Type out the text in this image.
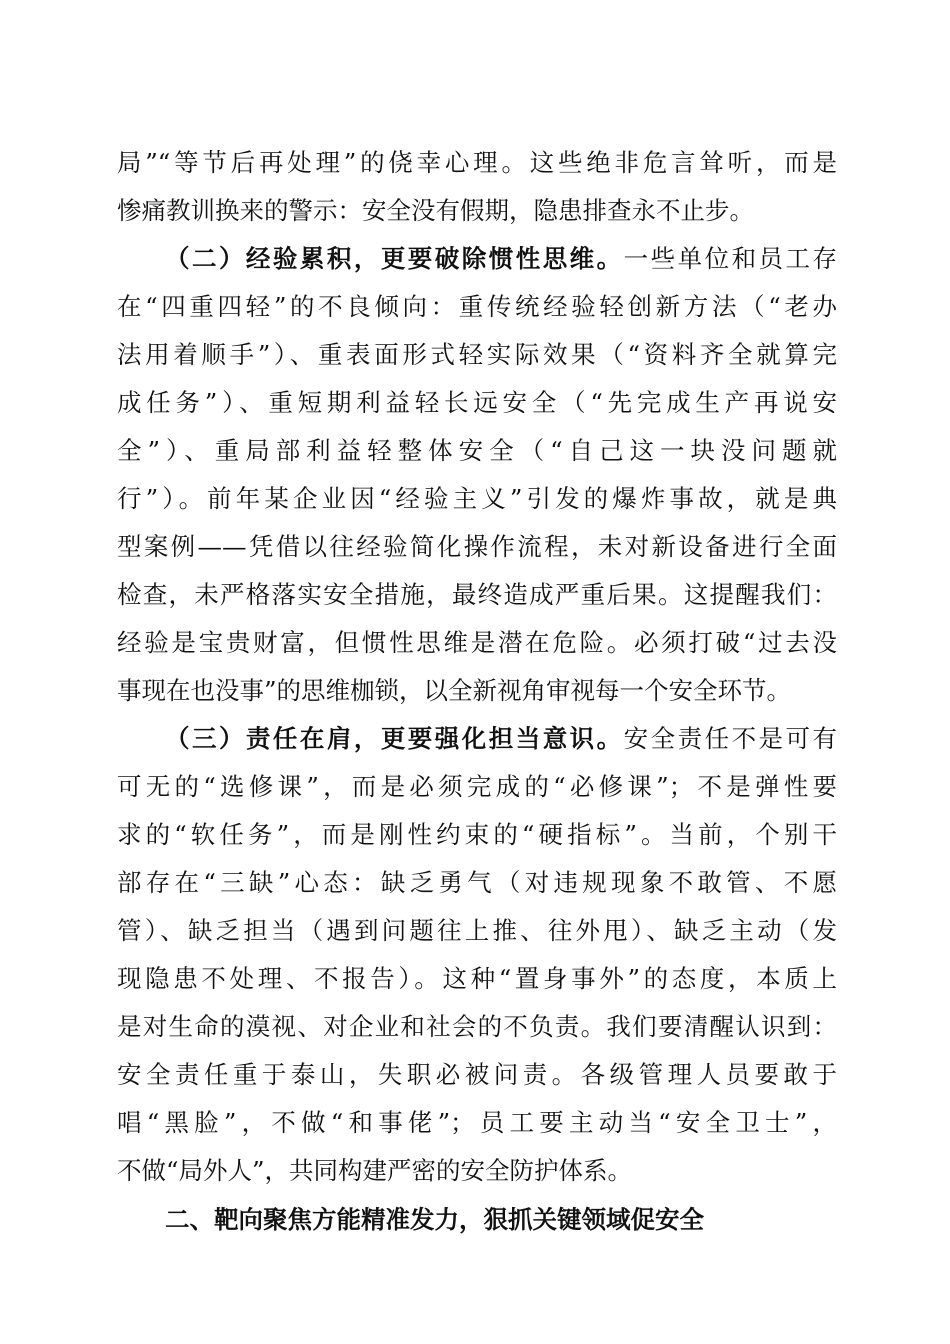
局”“等节后再处理”的侥幸心理。这些绝非危言耸听，而是
惨痛教训换来的警示：安全没有假期，隐患排查永不止步。
（二）经验累积，更要破除惯性思维。一些单位和员工存
在“四重四轻”的不良倾向：重传统经验轻创新方法（“老办
法用着顺手”）、重表面形式轻实际效果（“资料齐全就算完
成任务”）、重短期利益轻长远安全（“先完成生产再说安
全”）、重局部利益轻整体安全（“自己这一块没问题就
行”）。前年某企业因“经验主义”引发的爆炸事故，就是典
型案例——凭借以往经验简化操作流程，未对新设备进行全面
检查，未严格落实安全措施，最终造成严重后果。这提醒我们：
经验是宝贵财富，但惯性思维是潜在危险。必须打破“过去没
事现在也没事”的思维枷锁，以全新视角审视每一个安全环节。
（三）责任在肩，更要强化担当意识。安全责任不是可有
可无的“选修课”，而是必须完成的“必修课”；不是弹性要
求的“软任务”，而是刚性约束的“硬指标”。当前，个别干
部存在“三缺”心态：缺乏勇气（对违规现象不敢管、不愿
管）、缺乏担当（遇到问题往上推、往外甩）、缺乏主动（发
现隐患不处理、不报告）。这种“置身事外”的态度，本质上
是对生命的漠视、对企业和社会的不负责。我们要清醒认识到：
安全责任重于泰山，失职必被问责。各级管理人员要敢于
唱“黑脸”，不做“和事佬”；员工要主动当“安全卫士”，
不做“局外人”，共同构建严密的安全防护体系。
二、靶向聚焦方能精准发力，狠抓关键领域促安全
